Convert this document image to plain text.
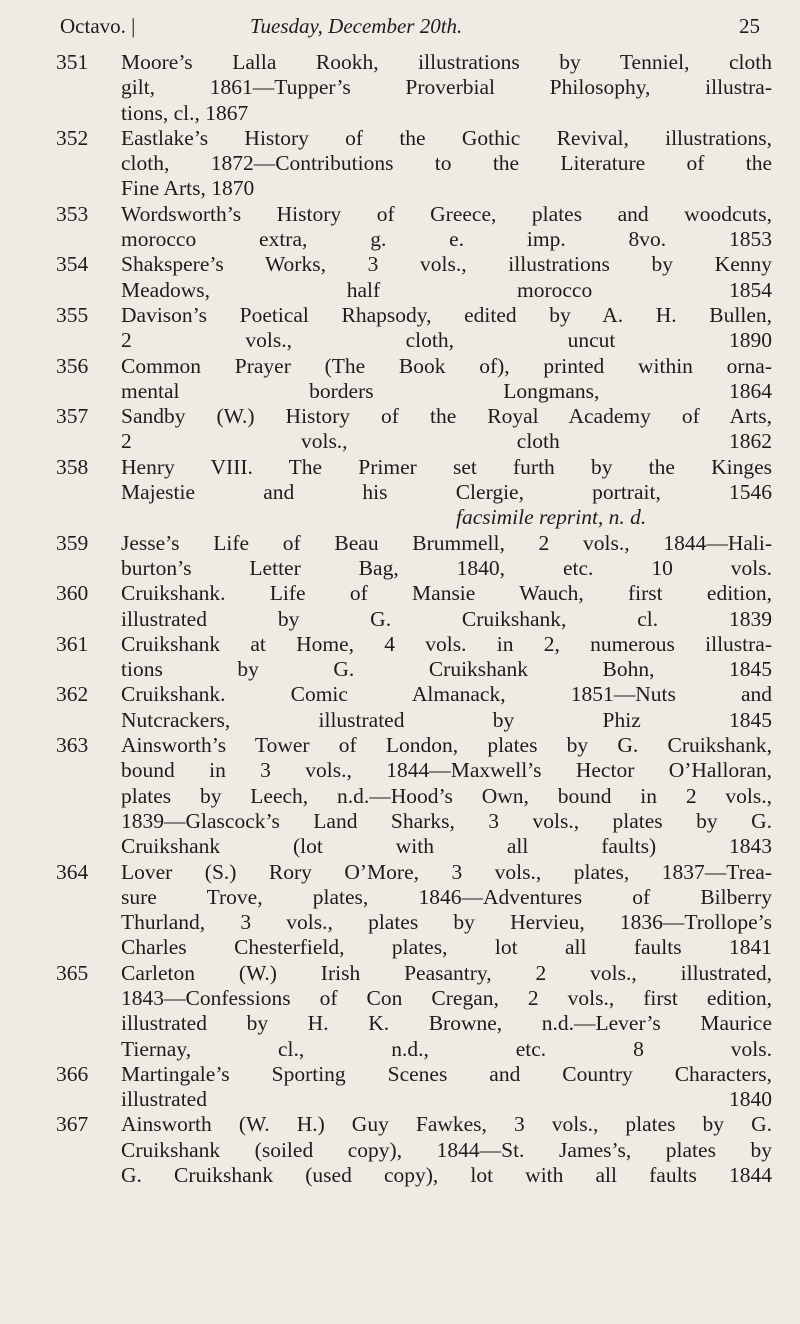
Octavo. |	Tuesday, December 20th.	25
351 Moore’s Lalla Rookh, illustrations by Tenniel, cloth
gilt, 1861—Tupper’s Proverbial Philosophy, illustra-
tions, cl., 1867
352 Eastlake’s History of the Gothic Revival, illustrations,
cloth, 1872—Contributions to the Literature of the
Fine Arts, 1870
353 Wordsworth’s History of Greece, plates and woodcuts,
morocco extra, g. e. imp. 8vo. 1853
354 Shakspere’s Works, 3 vols., illustrations by Kenny
Meadows, half morocco 1854
355 Davison’s Poetical Rhapsody, edited by A. H. Bullen,
2 vols., cloth, uncut 1890
356 Common Prayer (The Book of), printed within orna-
mental borders Longmans, 1864
357 Sandby (W.) History of the Royal Academy of Arts,
2 vols., cloth 1862
358 Henry VIII. The Primer set furth by the Kinges
Majestie and his Clergie, portrait, 1546
facsimile reprint, n. d.
359 Jesse’s Life of Beau Brummell, 2 vols., 1844—Hali-
burton’s Letter Bag, 1840, etc. 10 vols.
360 Cruikshank. Life of Mansie Wauch, first edition,
illustrated by G. Cruikshank, cl. 1839
361 Cruikshank at Home, 4 vols. in 2, numerous illustra-
tions by G. Cruikshank Bohn, 1845
362 Cruikshank. Comic Almanack, 1851—Nuts and
Nutcrackers, illustrated by Phiz 1845
363 Ainsworth’s Tower of London, plates by G. Cruikshank,
bound in 3 vols., 1844—Maxwell’s Hector O’Halloran,
plates by Leech, n.d.—Hood’s Own, bound in 2 vols.,
1839—Glascock’s Land Sharks, 3 vols., plates by G.
Cruikshank (lot with all faults) 1843
364 Lover (S.) Rory O’More, 3 vols., plates, 1837—Trea-
sure Trove, plates, 1846—Adventures of Bilberry
Thurland, 3 vols., plates by Hervieu, 1836—Trollope’s
Charles Chesterfield, plates, lot all faults 1841
365 Carleton (W.) Irish Peasantry, 2 vols., illustrated,
1843—Confessions of Con Cregan, 2 vols., first edition,
illustrated by H. K. Browne, n.d.—Lever’s Maurice
Tiernay, cl., n.d., etc. 8 vols.
366 Martingale’s Sporting Scenes and Country Characters,
illustrated 1840
367 Ainsworth (W. H.) Guy Fawkes, 3 vols., plates by G.
Cruikshank (soiled copy), 1844—St. James’s, plates by
G. Cruikshank (used copy), lot with all faults 1844
